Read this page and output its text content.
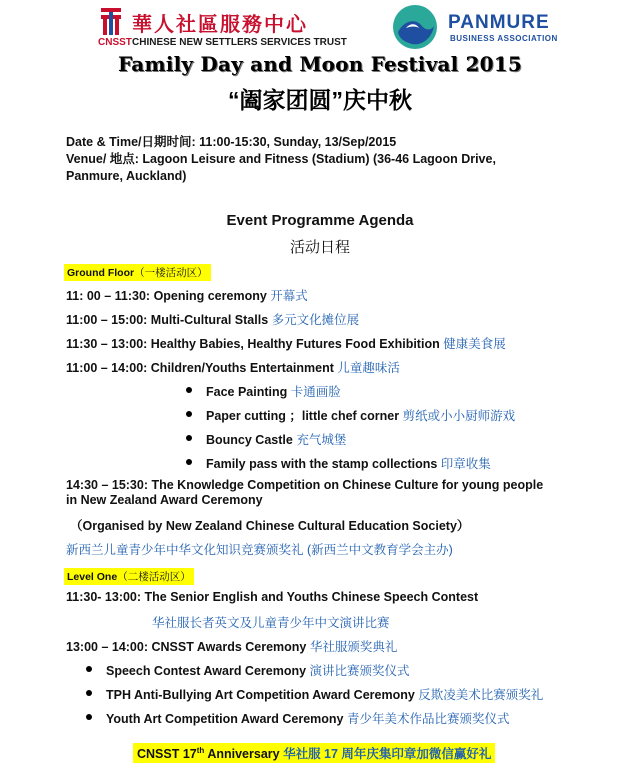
華人社區服務中心
CNSST CHINESE NEW SETTLERS SERVICES TRUST
PANMURE
BUSINESS ASSOCIATION
Family Day and Moon Festival 2015
“阖家团圆”庆中秋
Date & Time/日期时间: 11:00-15:30, Sunday, 13/Sep/2015
Venue/ 地点: Lagoon Leisure and Fitness (Stadium) (36-46 Lagoon Drive,
Panmure, Auckland)
Event Programme Agenda
活动日程
Ground Floor（一楼活动区）
11: 00 – 11:30: Opening ceremony 开幕式
11:00 – 15:00: Multi-Cultural Stalls 多元文化摊位展
11:30 – 13:00: Healthy Babies, Healthy Futures Food Exhibition 健康美食展
11:00 – 14:00: Children/Youths Entertainment 儿童趣味活
Face Painting 卡通画脸
Paper cutting ；little chef corner 剪纸或小小厨师游戏
Bouncy Castle 充气城堡
Family pass with the stamp collections 印章收集
14:30 – 15:30: The Knowledge Competition on Chinese Culture for young people
in New Zealand Award Ceremony
（Organised by New Zealand Chinese Cultural Education Society）
新西兰儿童青少年中华文化知识竞赛颁奖礼 (新西兰中文教育学会主办)
Level One（二楼活动区）
11:30- 13:00: The Senior English and Youths Chinese Speech Contest
华社服长者英文及儿童青少年中文演讲比赛
13:00 – 14:00: CNSST Awards Ceremony 华社服颁奖典礼
Speech Contest Award Ceremony 演讲比赛颁奖仪式
TPH Anti-Bullying Art Competition Award Ceremony 反欺凌美术比赛颁奖礼
Youth Art Competition Award Ceremony 青少年美术作品比赛颁奖仪式
CNSST 17th Anniversary 华社服 17 周年庆集印章加微信赢好礼
